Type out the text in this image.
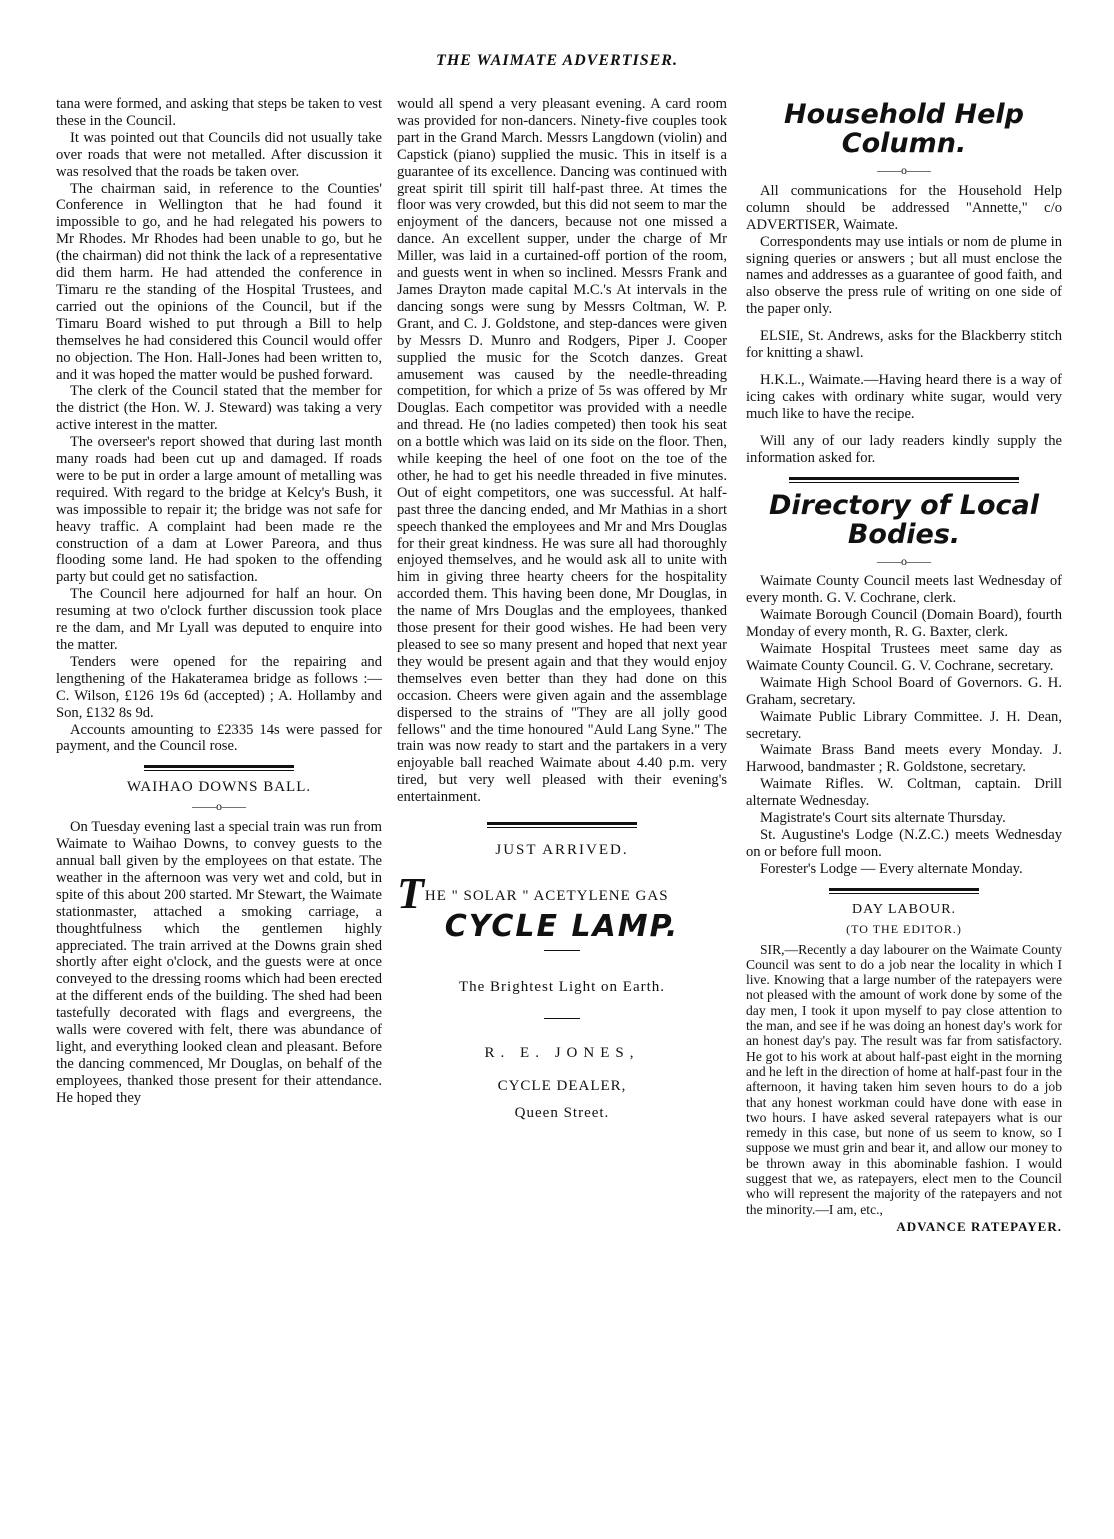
THE WAIMATE ADVERTISER.

tana were formed, and asking that steps be taken to vest these in the Council.

It was pointed out that Councils did not usually take over roads that were not metalled. After discussion it was resolved that the roads be taken over.

The chairman said, in reference to the Counties' Conference in Wellington that he had found it impossible to go, and he had relegated his powers to Mr Rhodes. Mr Rhodes had been unable to go, but he (the chairman) did not think the lack of a representative did them harm. He had attended the conference in Timaru re the standing of the Hospital Trustees, and carried out the opinions of the Council, but if the Timaru Board wished to put through a Bill to help themselves he had considered this Council would offer no objection. The Hon. Hall-Jones had been written to, and it was hoped the matter would be pushed forward.

The clerk of the Council stated that the member for the district (the Hon. W. J. Steward) was taking a very active interest in the matter.

The overseer's report showed that during last month many roads had been cut up and damaged. If roads were to be put in order a large amount of metalling was required. With regard to the bridge at Kelcy's Bush, it was impossible to repair it; the bridge was not safe for heavy traffic. A complaint had been made re the construction of a dam at Lower Pareora, and thus flooding some land. He had spoken to the offending party but could get no satisfaction.

The Council here adjourned for half an hour. On resuming at two o'clock further discussion took place re the dam, and Mr Lyall was deputed to enquire into the matter.

Tenders were opened for the repairing and lengthening of the Hakateramea bridge as follows :—C. Wilson, £126 19s 6d (accepted) ; A. Hollamby and Son, £132 8s 9d.

Accounts amounting to £2335 14s were passed for payment, and the Council rose.

WAIHAO DOWNS BALL.
——o——

On Tuesday evening last a special train was run from Waimate to Waihao Downs, to convey guests to the annual ball given by the employees on that estate. The weather in the afternoon was very wet and cold, but in spite of this about 200 started. Mr Stewart, the Waimate stationmaster, attached a smoking carriage, a thoughtfulness which the gentlemen highly appreciated. The train arrived at the Downs grain shed shortly after eight o'clock, and the guests were at once conveyed to the dressing rooms which had been erected at the different ends of the building. The shed had been tastefully decorated with flags and evergreens, the walls were covered with felt, there was abundance of light, and everything looked clean and pleasant. Before the dancing commenced, Mr Douglas, on behalf of the employees, thanked those present for their attendance. He hoped they

would all spend a very pleasant evening. A card room was provided for non-dancers. Ninety-five couples took part in the Grand March. Messrs Langdown (violin) and Capstick (piano) supplied the music. This in itself is a guarantee of its excellence. Dancing was continued with great spirit till spirit till half-past three. At times the floor was very crowded, but this did not seem to mar the enjoyment of the dancers, because not one missed a dance. An excellent supper, under the charge of Mr Miller, was laid in a curtained-off portion of the room, and guests went in when so inclined. Messrs Frank and James Drayton made capital M.C.'s At intervals in the dancing songs were sung by Messrs Coltman, W. P. Grant, and C. J. Goldstone, and step-dances were given by Messrs D. Munro and Rodgers, Piper J. Cooper supplied the music for the Scotch danzes. Great amusement was caused by the needle-threading competition, for which a prize of 5s was offered by Mr Douglas. Each competitor was provided with a needle and thread. He (no ladies competed) then took his seat on a bottle which was laid on its side on the floor. Then, while keeping the heel of one foot on the toe of the other, he had to get his needle threaded in five minutes. Out of eight competitors, one was successful. At half-past three the dancing ended, and Mr Mathias in a short speech thanked the employees and Mr and Mrs Douglas for their great kindness. He was sure all had thoroughly enjoyed themselves, and he would ask all to unite with him in giving three hearty cheers for the hospitality accorded them. This having been done, Mr Douglas, in the name of Mrs Douglas and the employees, thanked those present for their good wishes. He had been very pleased to see so many present and hoped that next year they would be present again and that they would enjoy themselves even better than they had done on this occasion. Cheers were given again and the assemblage dispersed to the strains of "They are all jolly good fellows" and the time honoured "Auld Lang Syne." The train was now ready to start and the partakers in a very enjoyable ball reached Waimate about 4.40 p.m. very tired, but very well pleased with their evening's entertainment.

JUST ARRIVED.
THE " SOLAR " ACETYLENE GAS
CYCLE LAMP.
The Brightest Light on Earth.
R. E. JONES,
CYCLE DEALER,
Queen Street.
Household Help Column.
——o——

All communications for the Household Help column should be addressed "Annette," c/o ADVERTISER, Waimate.

Correspondents may use intials or nom de plume in signing queries or answers ; but all must enclose the names and addresses as a guarantee of good faith, and also observe the press rule of writing on one side of the paper only.

ELSIE, St. Andrews, asks for the Blackberry stitch for knitting a shawl.

H.K.L., Waimate.—Having heard there is a way of icing cakes with ordinary white sugar, would very much like to have the recipe.

Will any of our lady readers kindly supply the information asked for.

Directory of Local Bodies.
——o——

Waimate County Council meets last Wednesday of every month. G. V. Cochrane, clerk.

Waimate Borough Council (Domain Board), fourth Monday of every month, R. G. Baxter, clerk.

Waimate Hospital Trustees meet same day as Waimate County Council. G. V. Cochrane, secretary.

Waimate High School Board of Governors. G. H. Graham, secretary.

Waimate Public Library Committee. J. H. Dean, secretary.

Waimate Brass Band meets every Monday. J. Harwood, bandmaster ; R. Goldstone, secretary.

Waimate Rifles. W. Coltman, captain. Drill alternate Wednesday.

Magistrate's Court sits alternate Thursday.

St. Augustine's Lodge (N.Z.C.) meets Wednesday on or before full moon.

Forester's Lodge — Every alternate Monday.

DAY LABOUR.
(TO THE EDITOR.)

SIR,—Recently a day labourer on the Waimate County Council was sent to do a job near the locality in which I live. Knowing that a large number of the ratepayers were not pleased with the amount of work done by some of the day men, I took it upon myself to pay close attention to the man, and see if he was doing an honest day's work for an honest day's pay. The result was far from satisfactory. He got to his work at about half-past eight in the morning and he left in the direction of home at half-past four in the afternoon, it having taken him seven hours to do a job that any honest workman could have done with ease in two hours. I have asked several ratepayers what is our remedy in this case, but none of us seem to know, so I suppose we must grin and bear it, and allow our money to be thrown away in this abominable fashion. I would suggest that we, as ratepayers, elect men to the Council who will represent the majority of the ratepayers and not the minority.—I am, etc.,

ADVANCE RATEPAYER.
